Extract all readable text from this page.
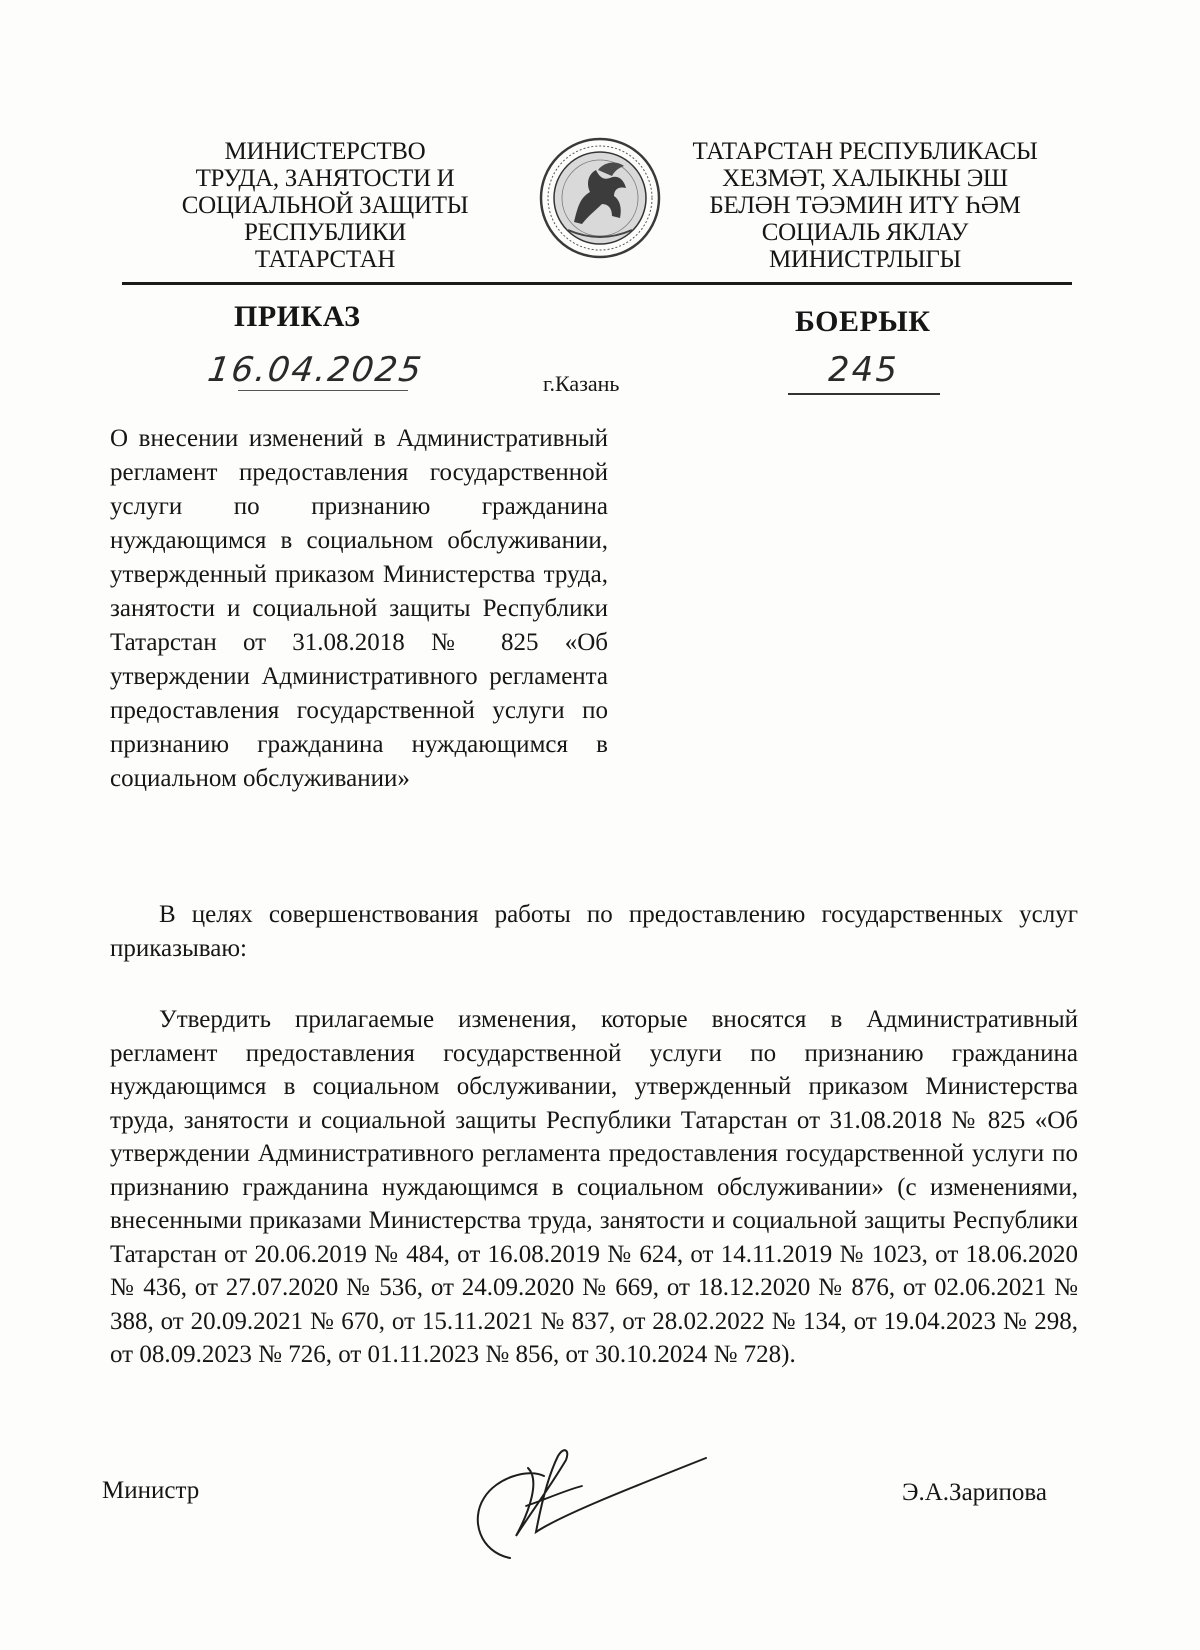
МИНИСТЕРСТВО
ТРУДА, ЗАНЯТОСТИ И
СОЦИАЛЬНОЙ ЗАЩИТЫ
РЕСПУБЛИКИ
ТАТАРСТАН
ТАТАРСТАН РЕСПУБЛИКАСЫ
ХЕЗМӘТ, ХАЛЫКНЫ ЭШ
БЕЛӘН ТӘЭМИН ИТҮ ҺӘМ
СОЦИАЛЬ ЯКЛАУ
МИНИСТРЛЫГЫ
ПРИКАЗ	БОЕРЫК
16.04.2025	г.Казань	245
О внесении изменений в Административный регламент предоставления государственной услуги по признанию гражданина нуждающимся в социальном обслуживании, утвержденный приказом Министерства труда, занятости и социальной защиты Республики Татарстан от 31.08.2018 № 825 «Об утверждении Административного регламента предоставления государственной услуги по признанию гражданина нуждающимся в социальном обслуживании»
В целях совершенствования работы по предоставлению государственных услуг приказываю:
Утвердить прилагаемые изменения, которые вносятся в Административный регламент предоставления государственной услуги по признанию гражданина нуждающимся в социальном обслуживании, утвержденный приказом Министерства труда, занятости и социальной защиты Республики Татарстан от 31.08.2018 № 825 «Об утверждении Административного регламента предоставления государственной услуги по признанию гражданина нуждающимся в социальном обслуживании» (с изменениями, внесенными приказами Министерства труда, занятости и социальной защиты Республики Татарстан от 20.06.2019 № 484, от 16.08.2019 № 624, от 14.11.2019 № 1023, от 18.06.2020 № 436, от 27.07.2020 № 536, от 24.09.2020 № 669, от 18.12.2020 № 876, от 02.06.2021 № 388, от 20.09.2021 № 670, от 15.11.2021 № 837, от 28.02.2022 № 134, от 19.04.2023 № 298, от 08.09.2023 № 726, от 01.11.2023 № 856, от 30.10.2024 № 728).
Министр	Э.А.Зарипова
